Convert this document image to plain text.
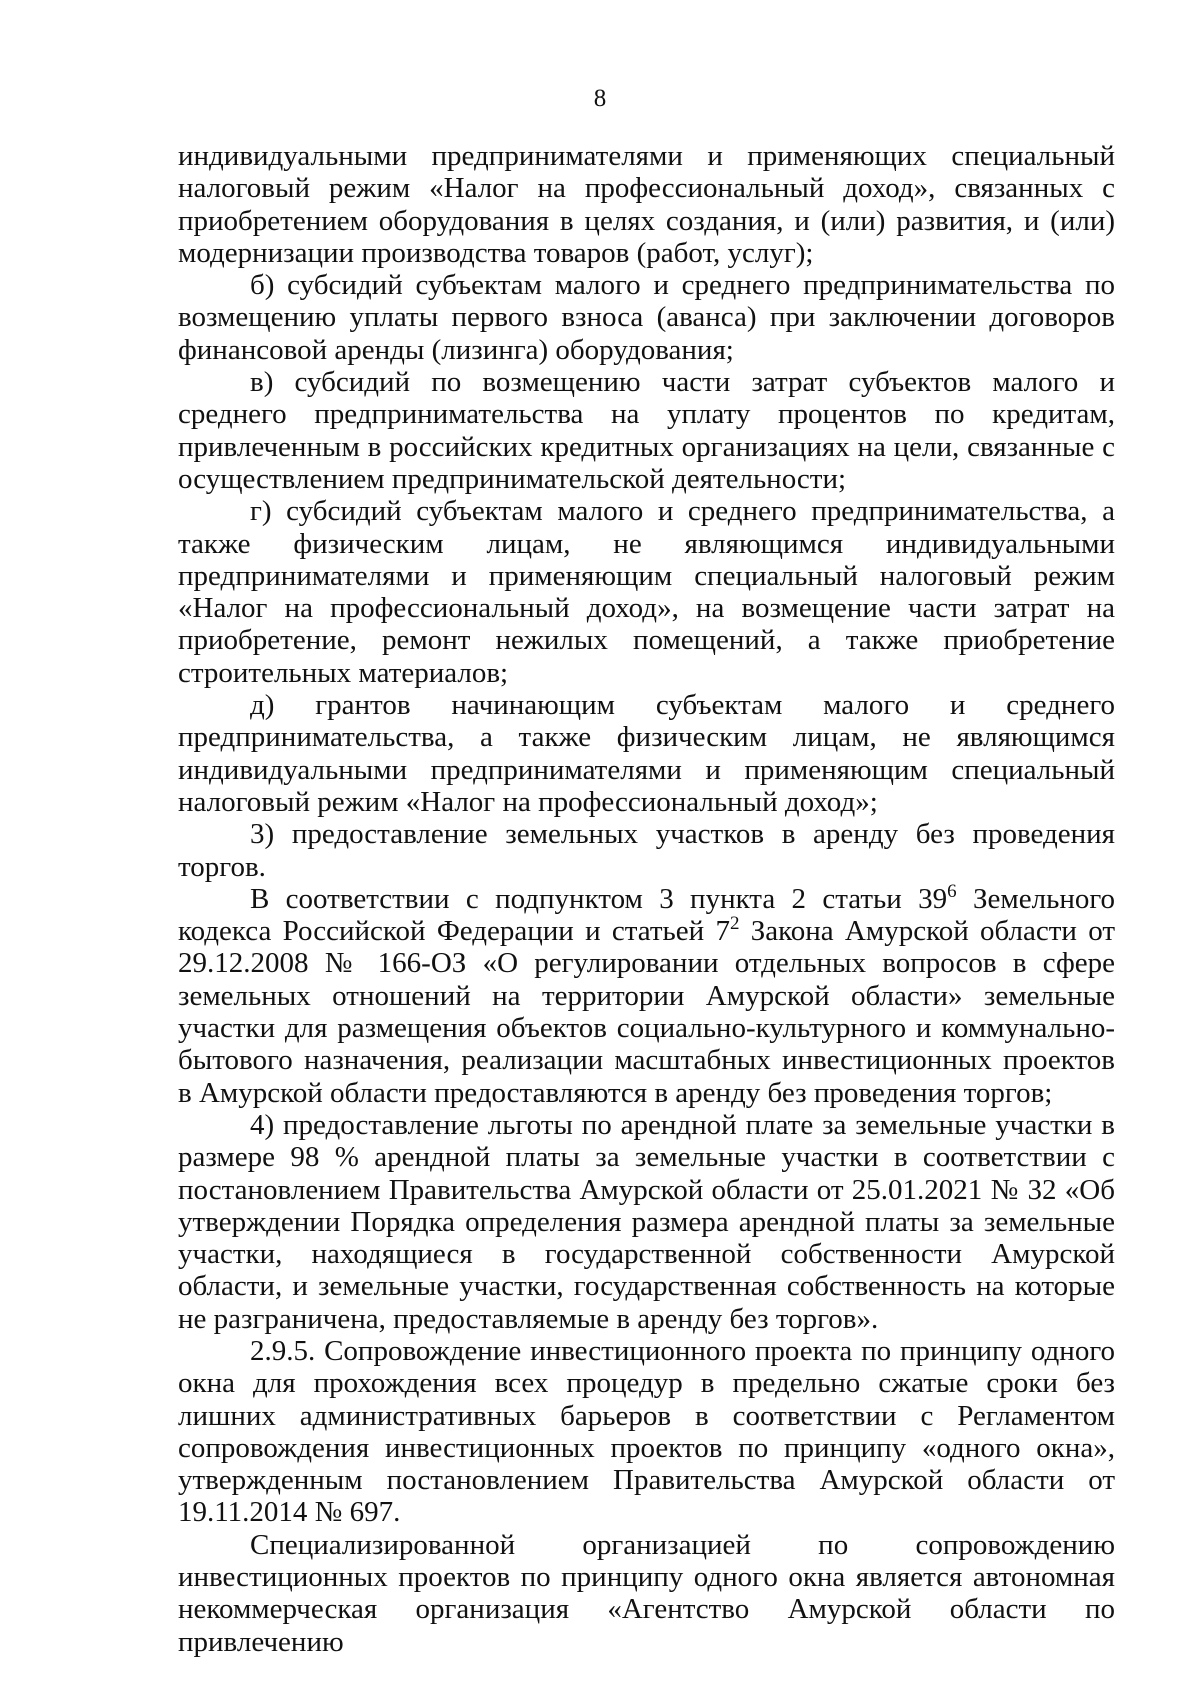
8

индивидуальными предпринимателями и применяющих специальный налоговый режим «Налог на профессиональный доход», связанных с приобретением оборудования в целях создания, и (или) развития, и (или) модернизации производства товаров (работ, услуг);

б) субсидий субъектам малого и среднего предпринимательства по возмещению уплаты первого взноса (аванса) при заключении договоров финансовой аренды (лизинга) оборудования;

в) субсидий по возмещению части затрат субъектов малого и среднего предпринимательства на уплату процентов по кредитам, привлеченным в российских кредитных организациях на цели, связанные с осуществлением предпринимательской деятельности;

г) субсидий субъектам малого и среднего предпринимательства, а также физическим лицам, не являющимся индивидуальными предпринимателями и применяющим специальный налоговый режим «Налог на профессиональный доход», на возмещение части затрат на приобретение, ремонт нежилых помещений, а также приобретение строительных материалов;

д) грантов начинающим субъектам малого и среднего предпринимательства, а также физическим лицам, не являющимся индивидуальными предпринимателями и применяющим специальный налоговый режим «Налог на профессиональный доход»;

3) предоставление земельных участков в аренду без проведения торгов.

В соответствии с подпунктом 3 пункта 2 статьи $39^6$ Земельного кодекса Российской Федерации и статьей $7^2$ Закона Амурской области от 29.12.2008 № 166-ОЗ «О регулировании отдельных вопросов в сфере земельных отношений на территории Амурской области» земельные участки для размещения объектов социально-культурного и коммунально-бытового назначения, реализации масштабных инвестиционных проектов в Амурской области предоставляются в аренду без проведения торгов;

4) предоставление льготы по арендной плате за земельные участки в размере 98 % арендной платы за земельные участки в соответствии с постановлением Правительства Амурской области от 25.01.2021 № 32 «Об утверждении Порядка определения размера арендной платы за земельные участки, находящиеся в государственной собственности Амурской области, и земельные участки, государственная собственность на которые не разграничена, предоставляемые в аренду без торгов».

2.9.5. Сопровождение инвестиционного проекта по принципу одного окна для прохождения всех процедур в предельно сжатые сроки без лишних административных барьеров в соответствии с Регламентом сопровождения инвестиционных проектов по принципу «одного окна», утвержденным постановлением Правительства Амурской области от 19.11.2014 № 697.

Специализированной организацией по сопровождению инвестиционных проектов по принципу одного окна является автономная некоммерческая организация «Агентство Амурской области по привлечению
